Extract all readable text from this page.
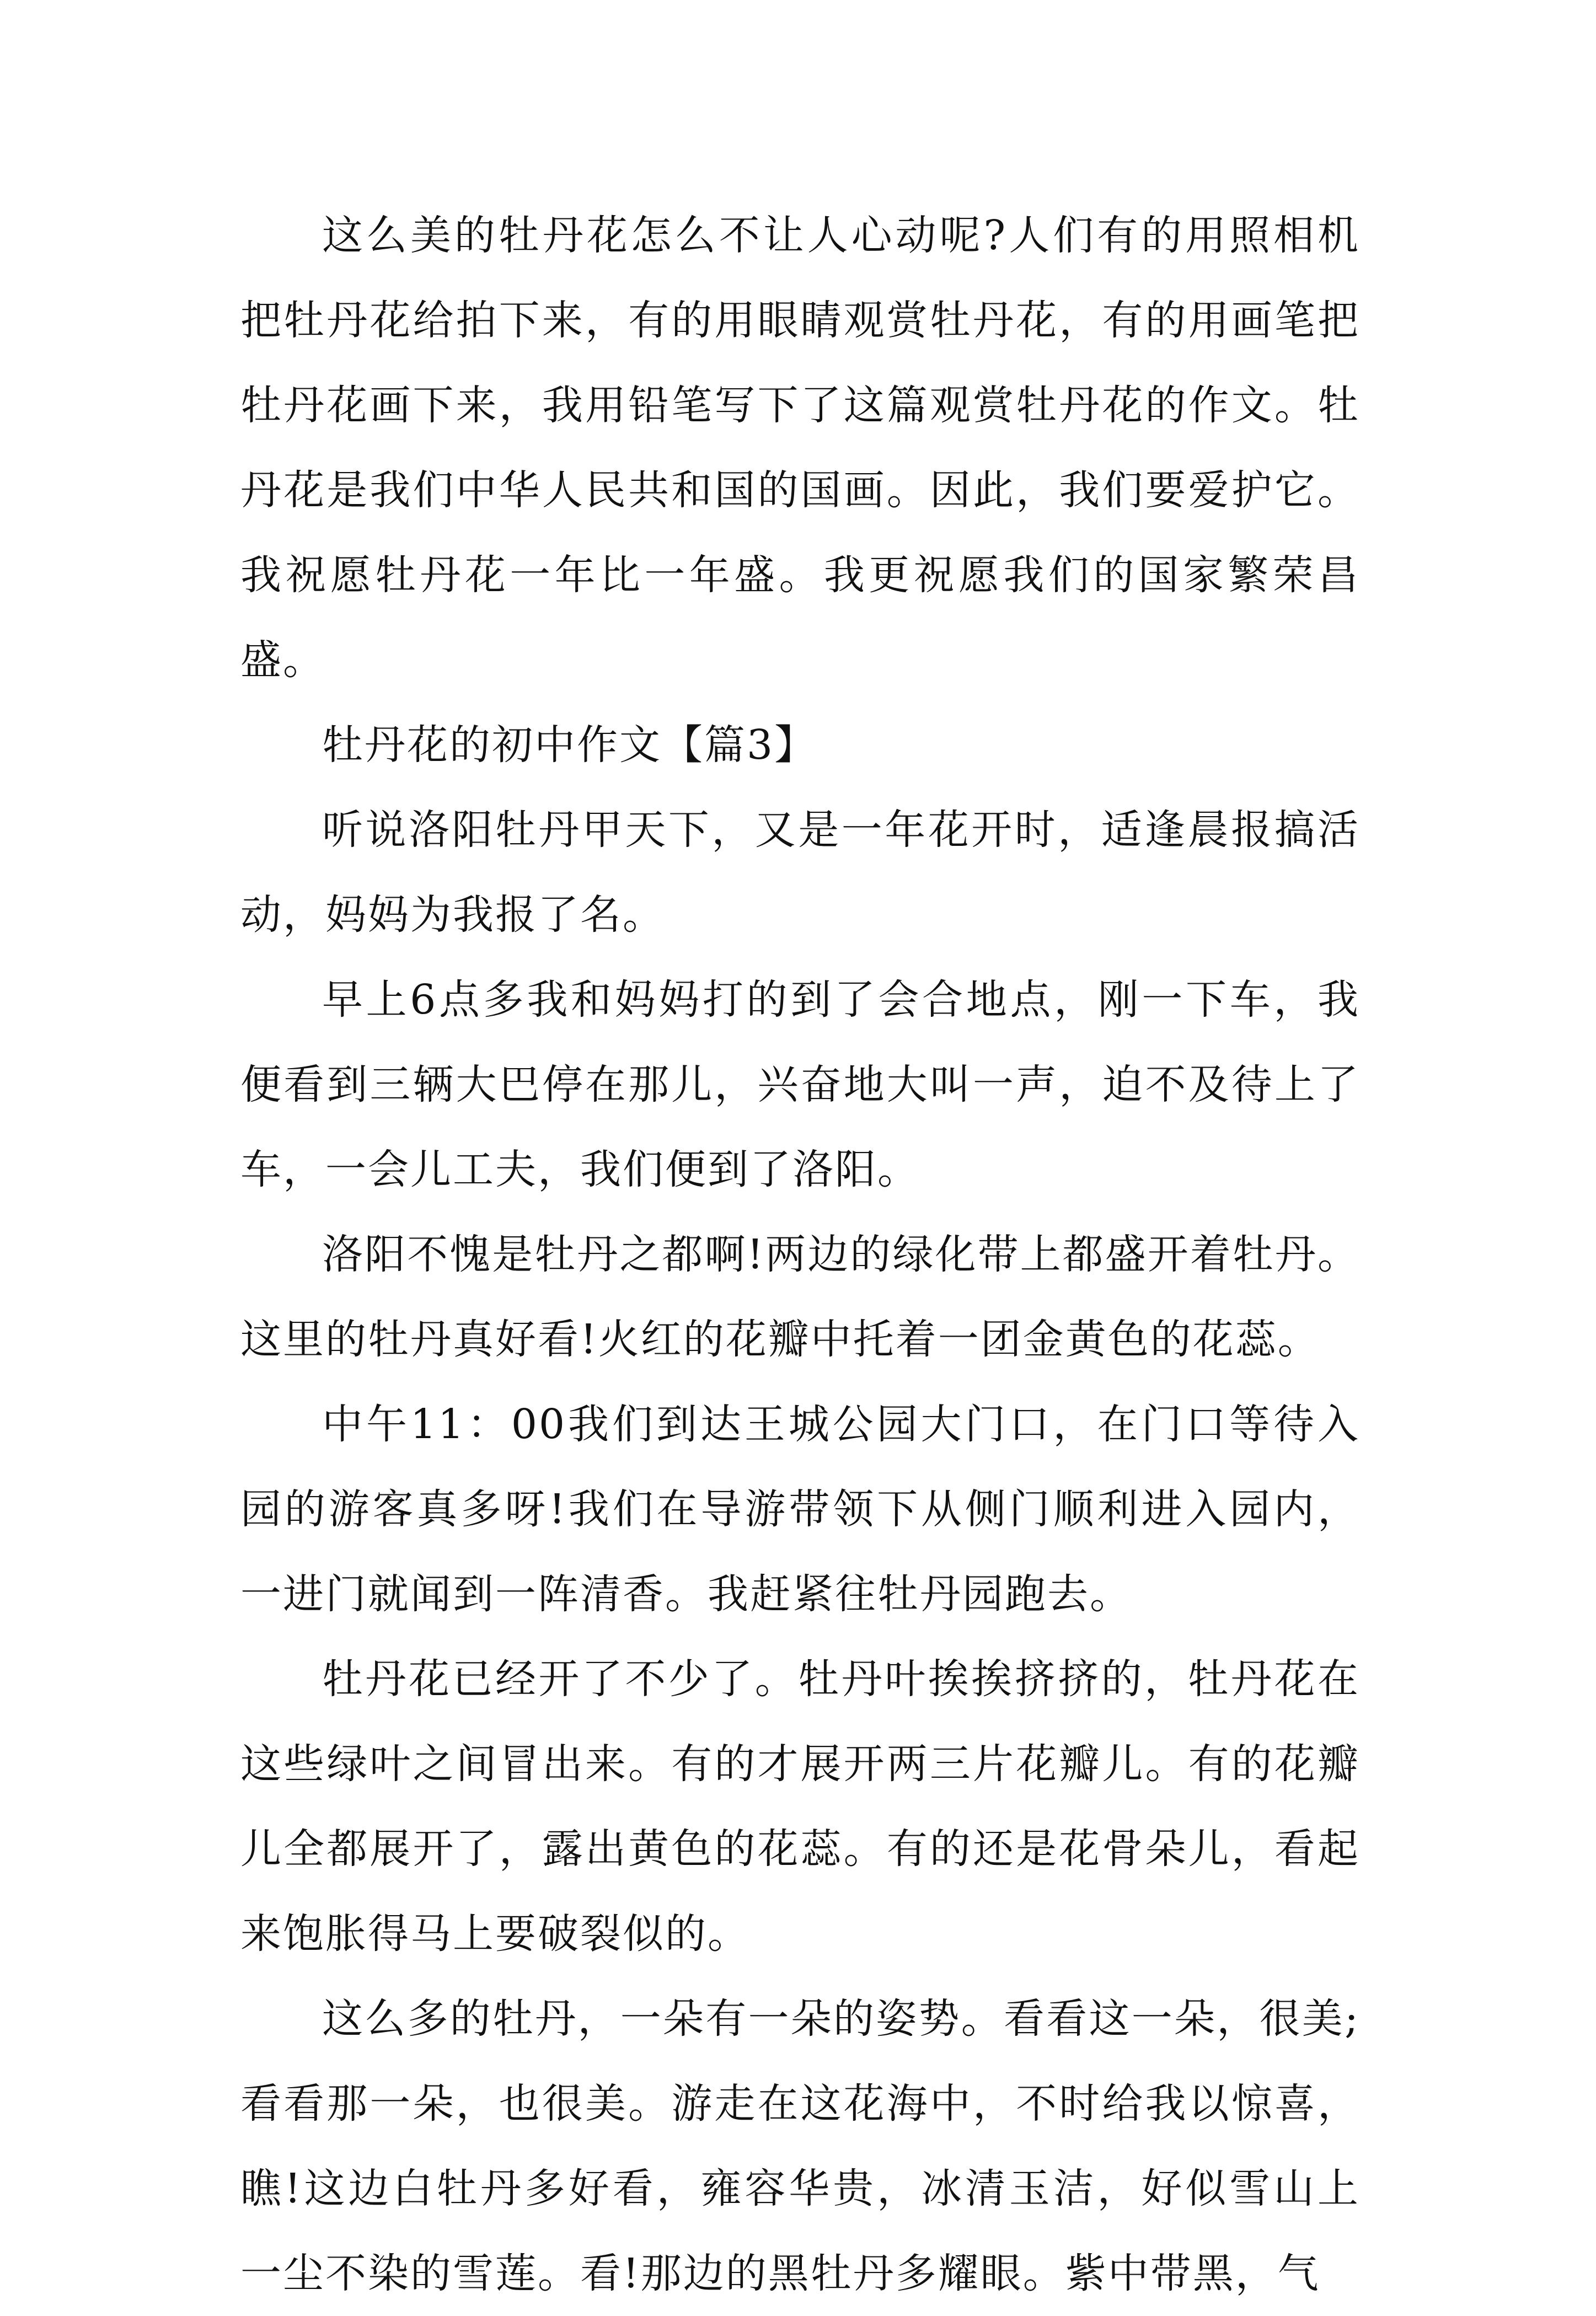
这么美的牡丹花怎么不让人心动呢?人们有的用照相机把牡丹花给拍下来，有的用眼睛观赏牡丹花，有的用画笔把牡丹花画下来，我用铅笔写下了这篇观赏牡丹花的作文。牡丹花是我们中华人民共和国的国画。因此，我们要爱护它。我祝愿牡丹花一年比一年盛。我更祝愿我们的国家繁荣昌盛。

牡丹花的初中作文【篇3】

听说洛阳牡丹甲天下，又是一年花开时，适逢晨报搞活动，妈妈为我报了名。

早上6点多我和妈妈打的到了会合地点，刚一下车，我便看到三辆大巴停在那儿，兴奋地大叫一声，迫不及待上了车，一会儿工夫，我们便到了洛阳。

洛阳不愧是牡丹之都啊!两边的绿化带上都盛开着牡丹。这里的牡丹真好看!火红的花瓣中托着一团金黄色的花蕊。

中午11：00我们到达王城公园大门口，在门口等待入园的游客真多呀!我们在导游带领下从侧门顺利进入园内，一进门就闻到一阵清香。我赶紧往牡丹园跑去。

牡丹花已经开了不少了。牡丹叶挨挨挤挤的，牡丹花在这些绿叶之间冒出来。有的才展开两三片花瓣儿。有的花瓣儿全都展开了，露出黄色的花蕊。有的还是花骨朵儿，看起来饱胀得马上要破裂似的。

这么多的牡丹，一朵有一朵的姿势。看看这一朵，很美;看看那一朵，也很美。游走在这花海中，不时给我以惊喜，瞧!这边白牡丹多好看，雍容华贵，冰清玉洁，好似雪山上一尘不染的雪莲。看!那边的黑牡丹多耀眼。紫中带黑，气
